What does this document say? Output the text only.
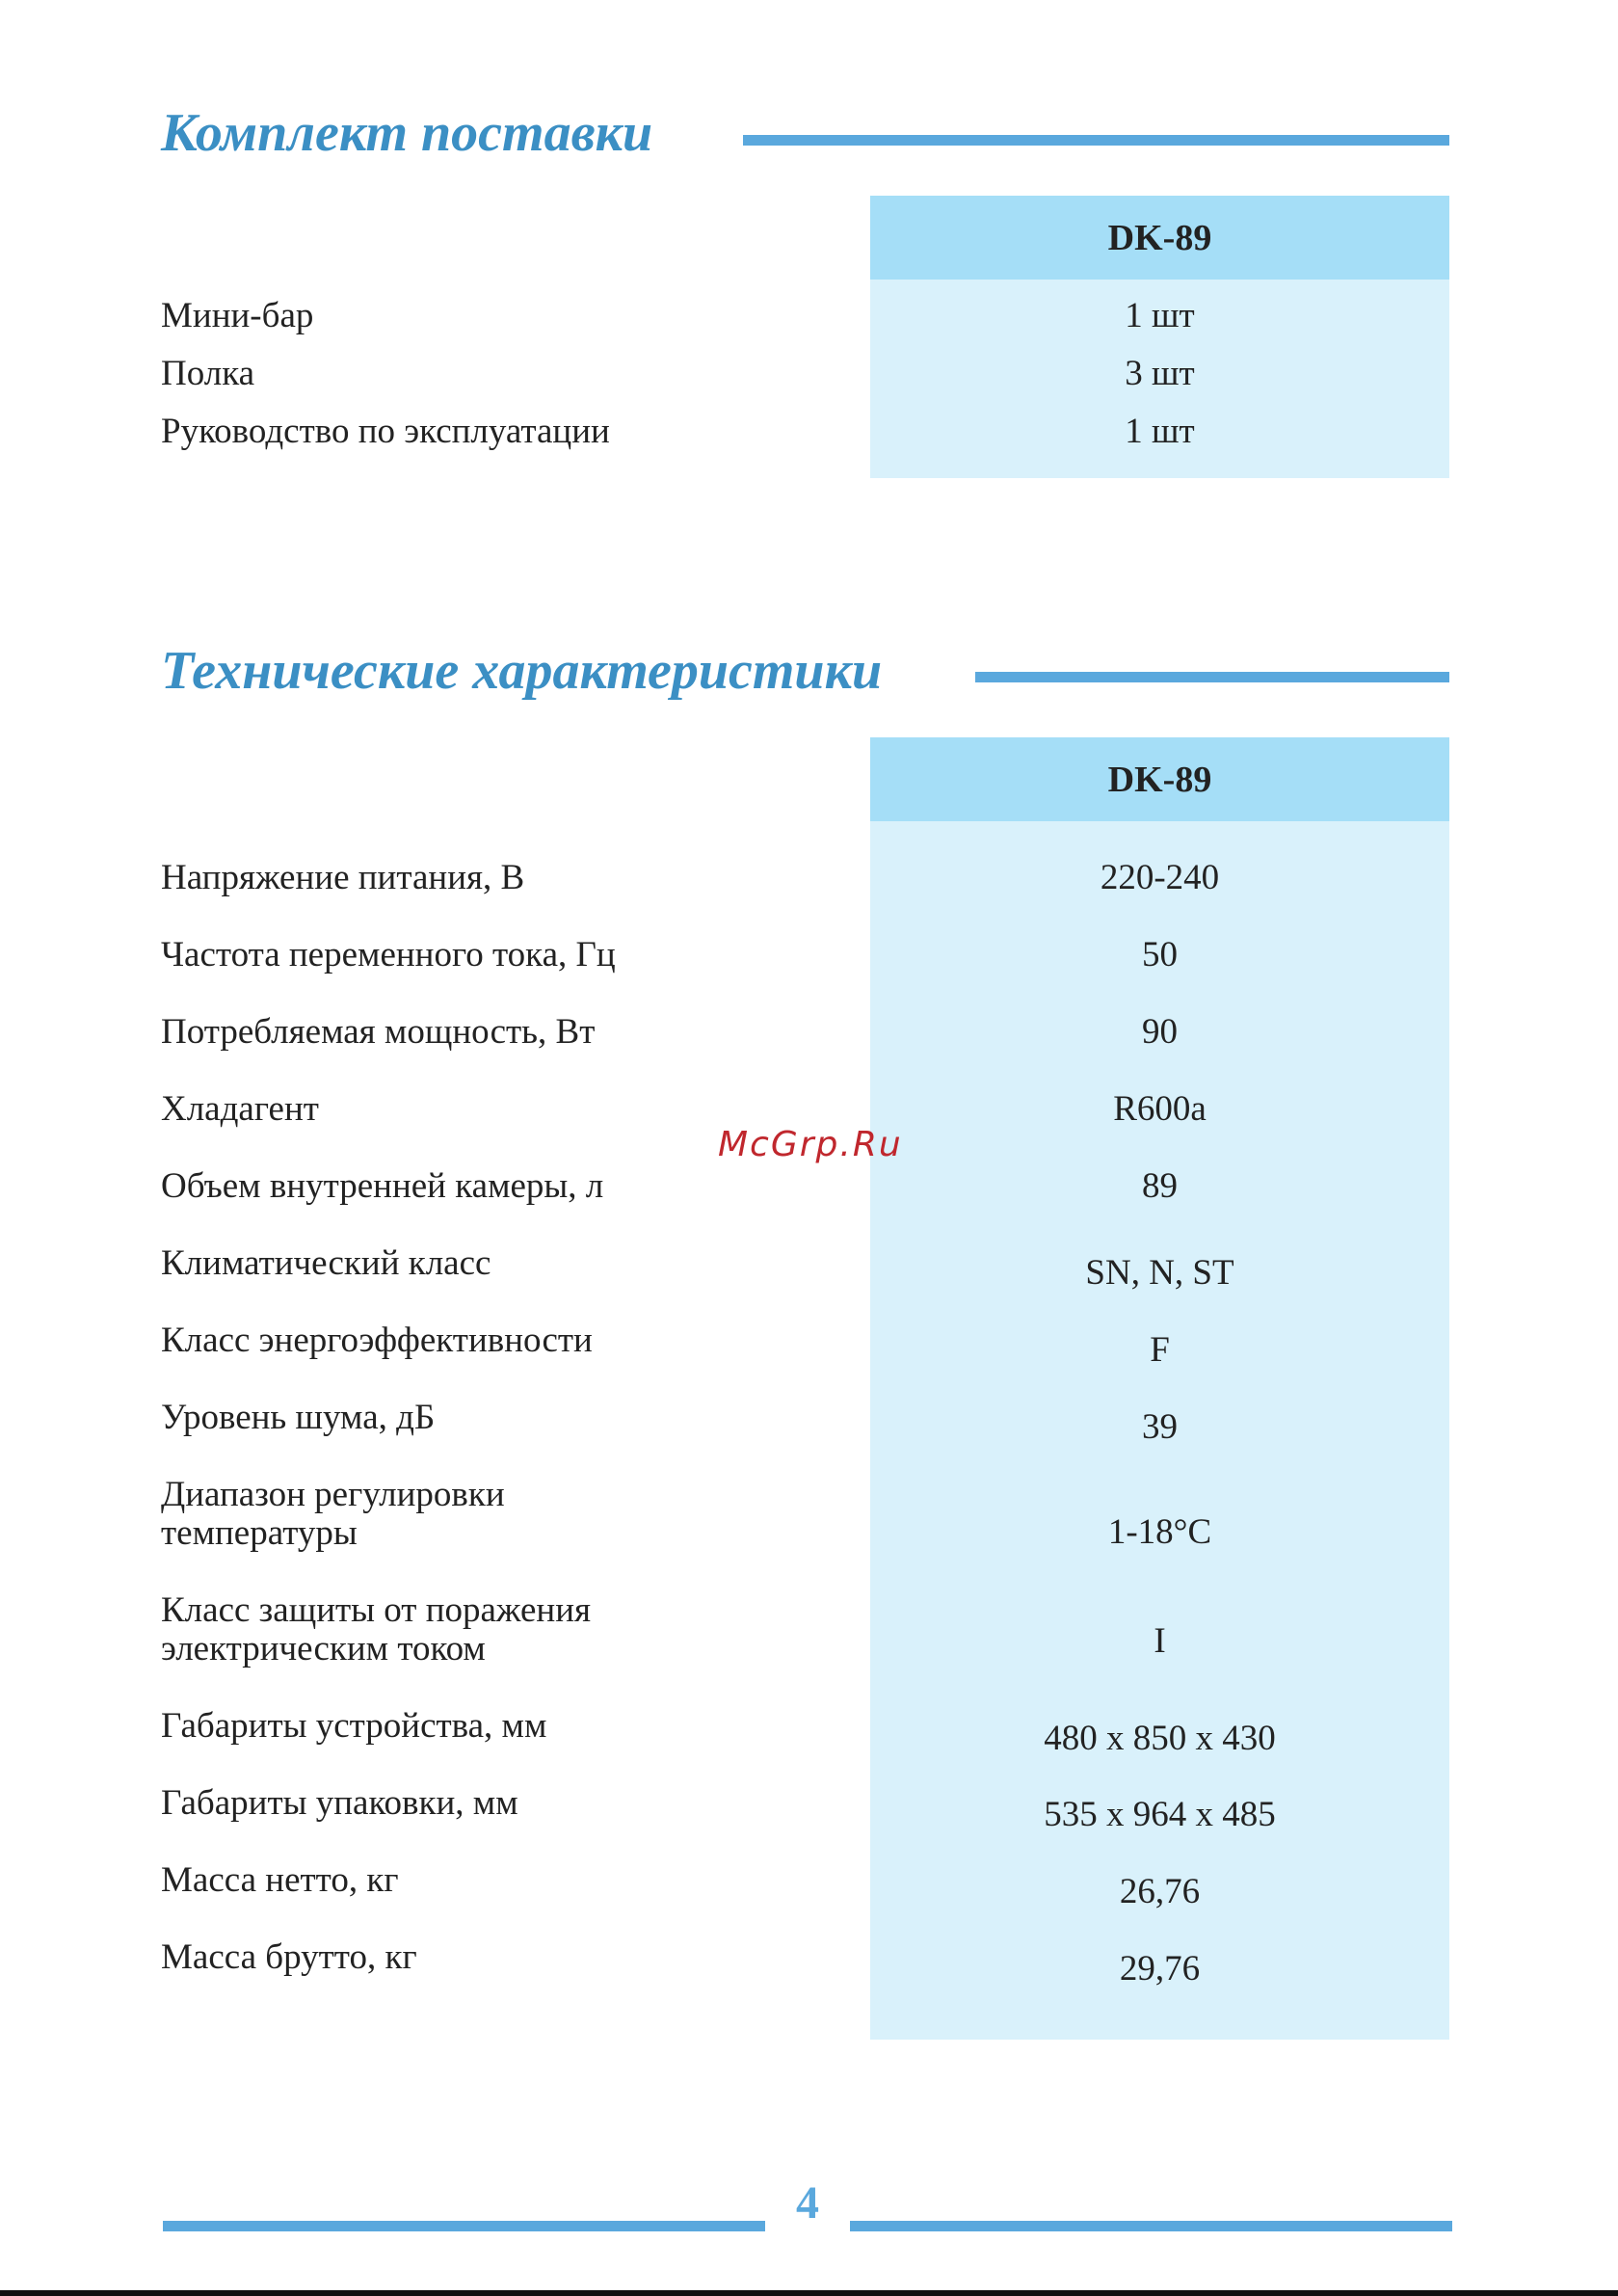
Комплект поставки
DK-89
Мини-бар	1 шт
Полка	3 шт
Руководство по эксплуатации	1 шт
Технические характеристики
DK-89
Напряжение питания, В	220-240
Частота переменного тока, Гц	50
Потребляемая мощность, Вт	90
Хладагент	R600a
Объем внутренней камеры, л	89
Климатический класс	SN, N, ST
Класс энергоэффективности	F
Уровень шума, дБ	39
Диапазон регулировки
температуры	1-18°C
Класс защиты от поражения
электрическим током	I
Габариты устройства, мм	480 x 850 x 430
Габариты упаковки, мм	535 x 964 x 485
Масса нетто, кг	26,76
Масса брутто, кг	29,76
McGrp.Ru
4
